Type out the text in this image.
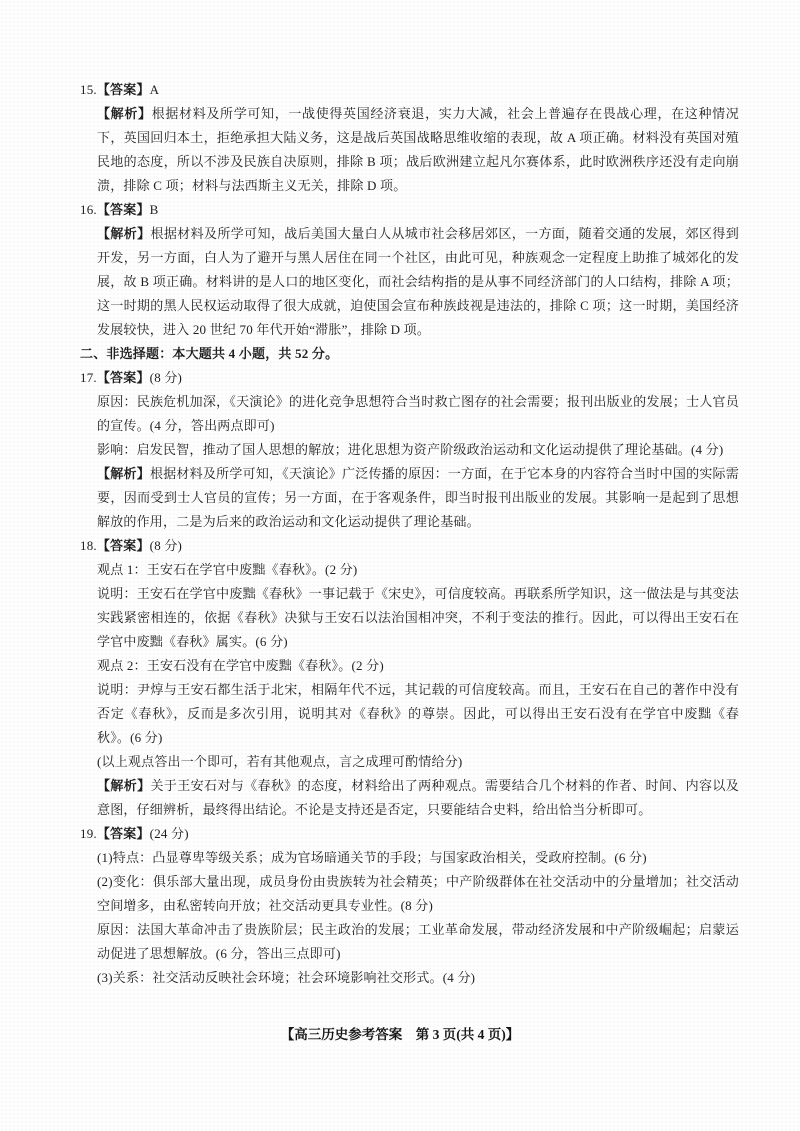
15.【答案】A

【解析】根据材料及所学可知，一战使得英国经济衰退，实力大减，社会上普遍存在畏战心理，在这种情况下，英国回归本土，拒绝承担大陆义务，这是战后英国战略思维收缩的表现，故 A 项正确。材料没有英国对殖民地的态度，所以不涉及民族自决原则，排除 B 项；战后欧洲建立起凡尔赛体系，此时欧洲秩序还没有走向崩溃，排除 C 项；材料与法西斯主义无关，排除 D 项。

16.【答案】B

【解析】根据材料及所学可知，战后美国大量白人从城市社会移居郊区，一方面，随着交通的发展，郊区得到开发，另一方面，白人为了避开与黑人居住在同一个社区，由此可见，种族观念一定程度上助推了城郊化的发展，故 B 项正确。材料讲的是人口的地区变化，而社会结构指的是从事不同经济部门的人口结构，排除 A 项；这一时期的黑人民权运动取得了很大成就，迫使国会宣布种族歧视是违法的，排除 C 项；这一时期，美国经济发展较快，进入 20 世纪 70 年代开始“滞胀”，排除 D 项。

二、非选择题：本大题共 4 小题，共 52 分。

17.【答案】(8 分)

原因：民族危机加深，《天演论》的进化竞争思想符合当时救亡图存的社会需要；报刊出版业的发展；士人官员的宣传。(4 分，答出两点即可)

影响：启发民智，推动了国人思想的解放；进化思想为资产阶级政治运动和文化运动提供了理论基础。(4 分)

【解析】根据材料及所学可知，《天演论》广泛传播的原因：一方面，在于它本身的内容符合当时中国的实际需要，因而受到士人官员的宣传；另一方面，在于客观条件，即当时报刊出版业的发展。其影响一是起到了思想解放的作用，二是为后来的政治运动和文化运动提供了理论基础。

18.【答案】(8 分)

观点 1：王安石在学官中废黜《春秋》。(2 分)

说明：王安石在学官中废黜《春秋》一事记载于《宋史》，可信度较高。再联系所学知识，这一做法是与其变法实践紧密相连的，依据《春秋》决狱与王安石以法治国相冲突，不利于变法的推行。因此，可以得出王安石在学官中废黜《春秋》属实。(6 分)

观点 2：王安石没有在学官中废黜《春秋》。(2 分)

说明：尹焞与王安石都生活于北宋，相隔年代不远，其记载的可信度较高。而且，王安石在自己的著作中没有否定《春秋》，反而是多次引用，说明其对《春秋》的尊崇。因此，可以得出王安石没有在学官中废黜《春秋》。(6 分)

(以上观点答出一个即可，若有其他观点，言之成理可酌情给分)

【解析】关于王安石对与《春秋》的态度，材料给出了两种观点。需要结合几个材料的作者、时间、内容以及意图，仔细辨析，最终得出结论。不论是支持还是否定，只要能结合史料，给出恰当分析即可。

19.【答案】(24 分)

(1)特点：凸显尊卑等级关系；成为官场暗通关节的手段；与国家政治相关，受政府控制。(6 分)

(2)变化：俱乐部大量出现，成员身份由贵族转为社会精英；中产阶级群体在社交活动中的分量增加；社交活动空间增多，由私密转向开放；社交活动更具专业性。(8 分)

原因：法国大革命冲击了贵族阶层；民主政治的发展；工业革命发展，带动经济发展和中产阶级崛起；启蒙运动促进了思想解放。(6 分，答出三点即可)

(3)关系：社交活动反映社会环境；社会环境影响社交形式。(4 分)

【高三历史参考答案　第 3 页(共 4 页)】
